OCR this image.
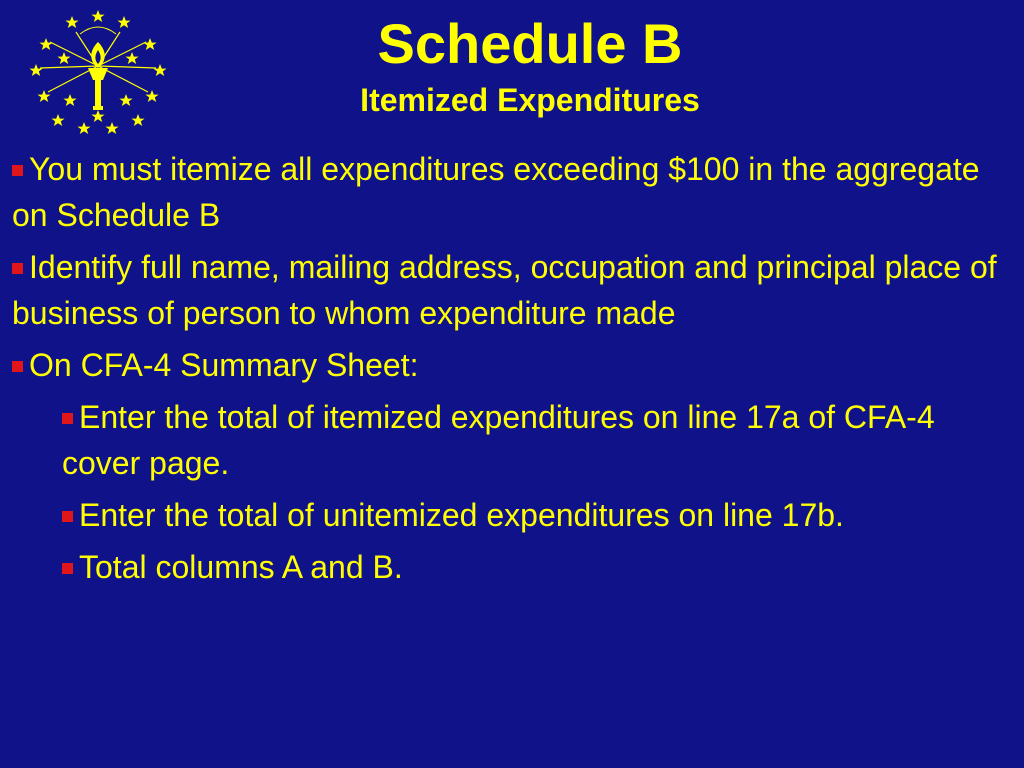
Schedule B
Itemized Expenditures
You must itemize all expenditures exceeding $100 in the aggregate on Schedule B
Identify full name, mailing address, occupation and principal place of business of person to whom expenditure made
On CFA-4 Summary Sheet:
Enter the total of itemized expenditures on line 17a of CFA-4 cover page.
Enter the total of unitemized expenditures on line 17b.
Total columns A and B.
